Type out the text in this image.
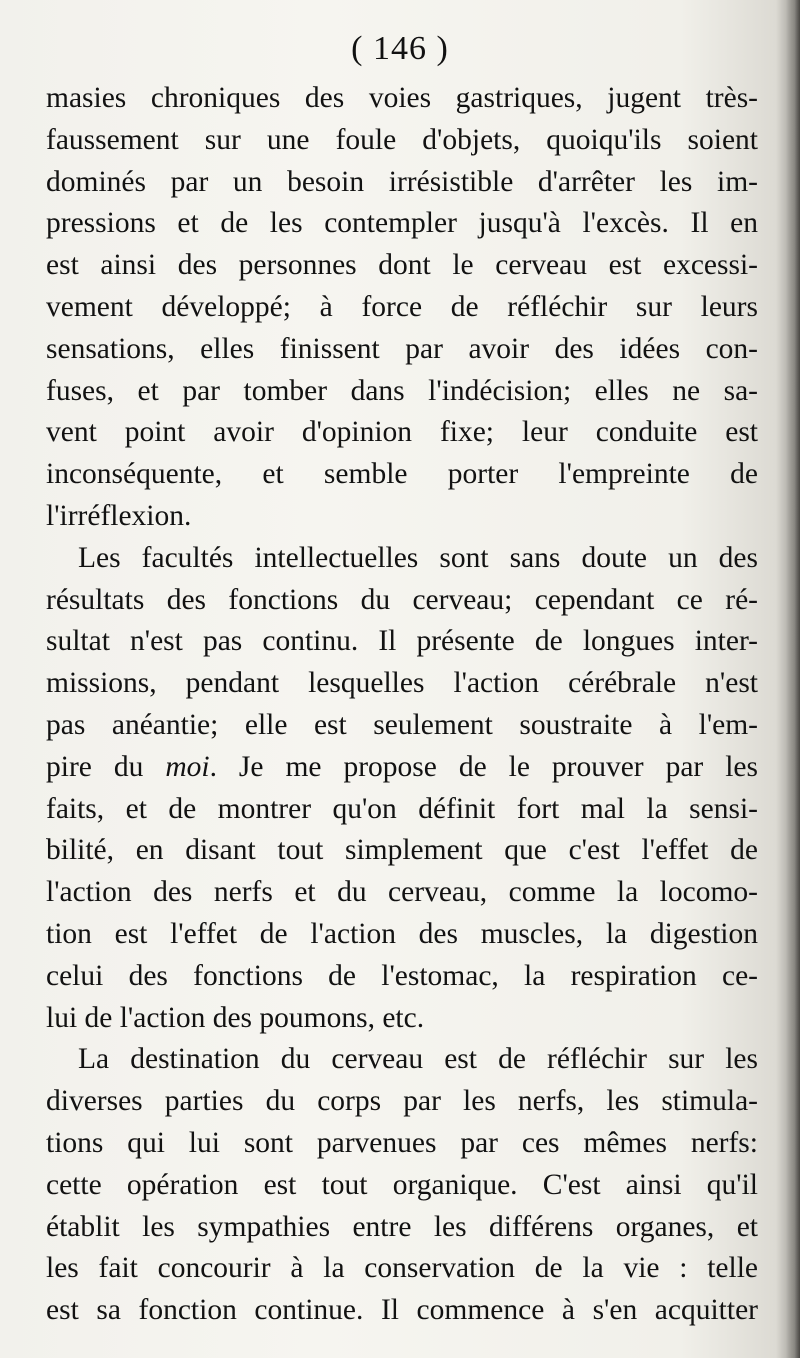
( 146 )
masies chroniques des voies gastriques, jugent très-
faussement sur une foule d'objets, quoiqu'ils soient
dominés par un besoin irrésistible d'arrêter les im-
pressions et de les contempler jusqu'à l'excès. Il en
est ainsi des personnes dont le cerveau est excessi-
vement développé; à force de réfléchir sur leurs
sensations, elles finissent par avoir des idées con-
fuses, et par tomber dans l'indécision; elles ne sa-
vent point avoir d'opinion fixe; leur conduite est
inconséquente, et semble porter l'empreinte de
l'irréflexion.
Les facultés intellectuelles sont sans doute un des
résultats des fonctions du cerveau; cependant ce ré-
sultat n'est pas continu. Il présente de longues inter-
missions, pendant lesquelles l'action cérébrale n'est
pas anéantie; elle est seulement soustraite à l'em-
pire du moi. Je me propose de le prouver par les
faits, et de montrer qu'on définit fort mal la sensi-
bilité, en disant tout simplement que c'est l'effet de
l'action des nerfs et du cerveau, comme la locomo-
tion est l'effet de l'action des muscles, la digestion
celui des fonctions de l'estomac, la respiration ce-
lui de l'action des poumons, etc.
La destination du cerveau est de réfléchir sur les
diverses parties du corps par les nerfs, les stimula-
tions qui lui sont parvenues par ces mêmes nerfs:
cette opération est tout organique. C'est ainsi qu'il
établit les sympathies entre les différens organes, et
les fait concourir à la conservation de la vie : telle
est sa fonction continue. Il commence à s'en acquitter
